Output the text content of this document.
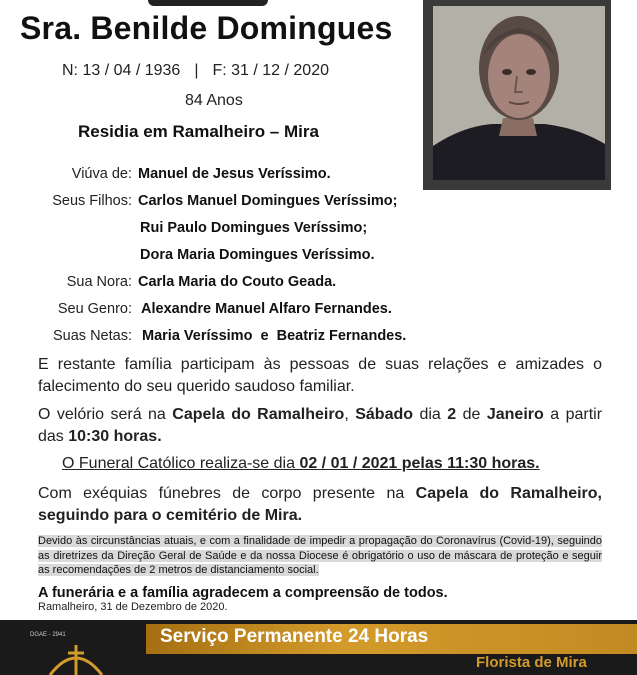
Sra. Benilde Domingues
N: 13 / 04 / 1936 | F: 31 / 12 / 2020
84 Anos
Residia em Ramalheiro – Mira
Viúva de: Manuel de Jesus Veríssimo.
Seus Filhos: Carlos Manuel Domingues Veríssimo;
Rui Paulo Domingues Veríssimo;
Dora Maria Domingues Veríssimo.
Sua Nora: Carla Maria do Couto Geada.
Seu Genro: Alexandre Manuel Alfaro Fernandes.
Suas Netas: Maria Veríssimo  e  Beatriz Fernandes.
E restante família participam às pessoas de suas relações e amizades o falecimento do seu querido saudoso familiar.
O velório será na Capela do Ramalheiro, Sábado dia 2 de Janeiro a partir das 10:30 horas.
O Funeral Católico realiza-se dia 02 / 01 / 2021 pelas 11:30 horas.
Com exéquias fúnebres de corpo presente na Capela do Ramalheiro, seguindo para o cemitério de Mira.
Devido às circunstâncias atuais, e com a finalidade de impedir a propagação do Coronavírus (Covid-19), seguindo as diretrizes da Direção Geral de Saúde e da nossa Diocese é obrigatório o uso de máscara de proteção e seguir as recomendações de 2 metros de distanciamento social.
A funerária e a família agradecem a compreensão de todos.
Ramalheiro, 31 de Dezembro de 2020.
DGAE - 2941	Serviço Permanente 24 Horas
Florista de Mira
